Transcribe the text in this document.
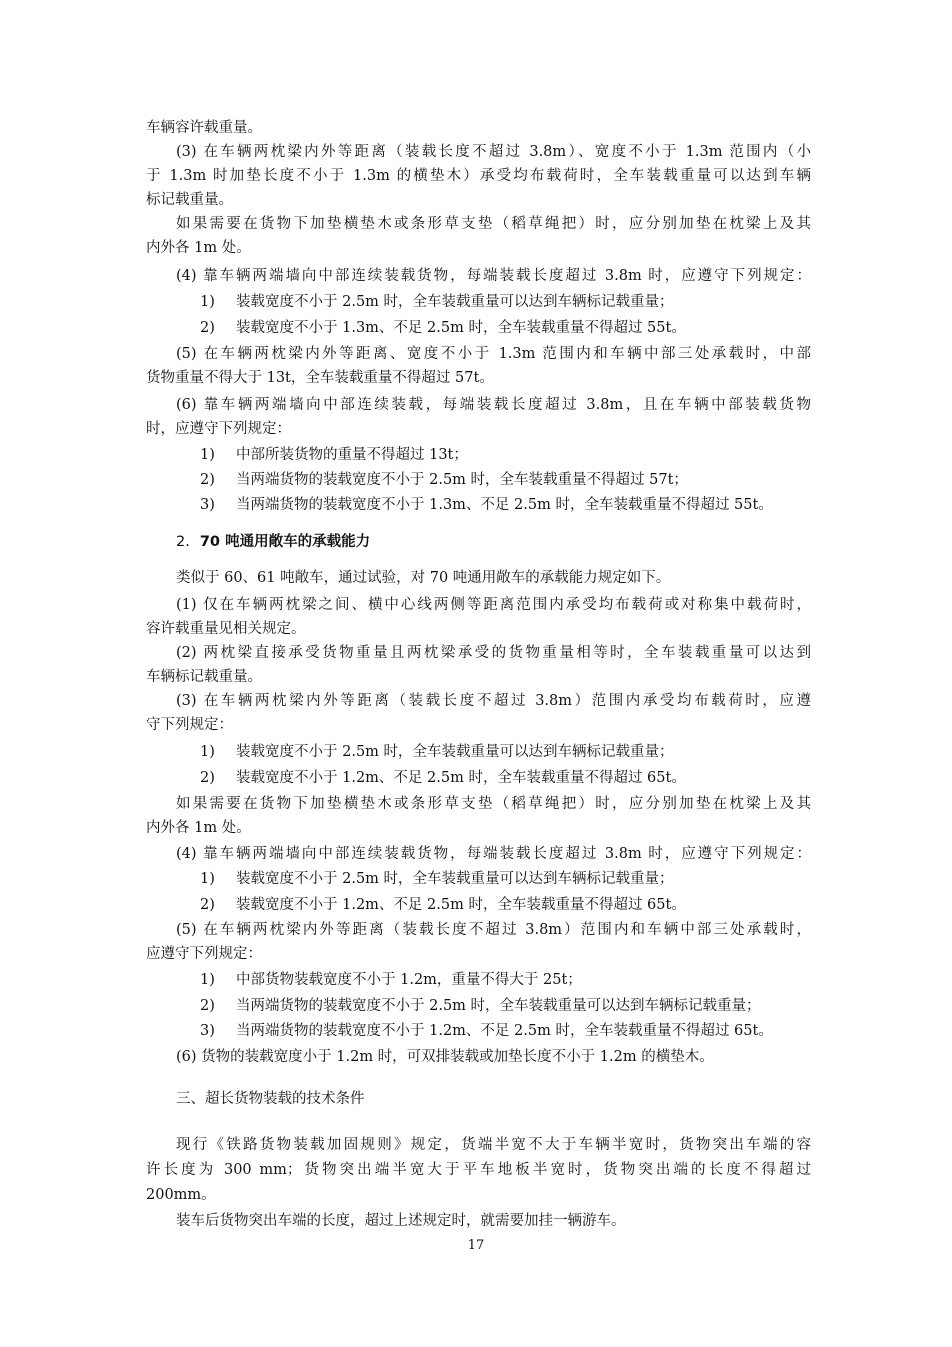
车辆容许载重量。

(3) 在车辆两枕梁内外等距离（装载长度不超过 3.8m）、宽度不小于 1.3m 范围内（小

于 1.3m 时加垫长度不小于 1.3m 的横垫木）承受均布载荷时，全车装载重量可以达到车辆

标记载重量。

如果需要在货物下加垫横垫木或条形草支垫（稻草绳把）时，应分别加垫在枕梁上及其

内外各 1m 处。

(4) 靠车辆两端墙向中部连续装载货物，每端装载长度超过 3.8m 时，应遵守下列规定：

1) 装载宽度不小于 2.5m 时，全车装载重量可以达到车辆标记载重量；

2) 装载宽度不小于 1.3m、不足 2.5m 时，全车装载重量不得超过 55t。

(5) 在车辆两枕梁内外等距离、宽度不小于 1.3m 范围内和车辆中部三处承载时，中部

货物重量不得大于 13t，全车装载重量不得超过 57t。

(6) 靠车辆两端墙向中部连续装载，每端装载长度超过 3.8m，且在车辆中部装载货物

时，应遵守下列规定：

1) 中部所装货物的重量不得超过 13t；

2) 当两端货物的装载宽度不小于 2.5m 时，全车装载重量不得超过 57t；

3) 当两端货物的装载宽度不小于 1.3m、不足 2.5m 时，全车装载重量不得超过 55t。

2. 70 吨通用敞车的承载能力

类似于 60、61 吨敞车，通过试验，对 70 吨通用敞车的承载能力规定如下。

(1) 仅在车辆两枕梁之间、横中心线两侧等距离范围内承受均布载荷或对称集中载荷时，

容许载重量见相关规定。

(2) 两枕梁直接承受货物重量且两枕梁承受的货物重量相等时，全车装载重量可以达到

车辆标记载重量。

(3) 在车辆两枕梁内外等距离（装载长度不超过 3.8m）范围内承受均布载荷时，应遵

守下列规定：

1) 装载宽度不小于 2.5m 时，全车装载重量可以达到车辆标记载重量；

2) 装载宽度不小于 1.2m、不足 2.5m 时，全车装载重量不得超过 65t。

如果需要在货物下加垫横垫木或条形草支垫（稻草绳把）时，应分别加垫在枕梁上及其

内外各 1m 处。

(4) 靠车辆两端墙向中部连续装载货物，每端装载长度超过 3.8m 时，应遵守下列规定：

1) 装载宽度不小于 2.5m 时，全车装载重量可以达到车辆标记载重量；

2) 装载宽度不小于 1.2m、不足 2.5m 时，全车装载重量不得超过 65t。

(5) 在车辆两枕梁内外等距离（装载长度不超过 3.8m）范围内和车辆中部三处承载时，

应遵守下列规定：

1) 中部货物装载宽度不小于 1.2m，重量不得大于 25t；

2) 当两端货物的装载宽度不小于 2.5m 时，全车装载重量可以达到车辆标记载重量；

3) 当两端货物的装载宽度不小于 1.2m、不足 2.5m 时，全车装载重量不得超过 65t。

(6) 货物的装载宽度小于 1.2m 时，可双排装载或加垫长度不小于 1.2m 的横垫木。

三、超长货物装载的技术条件

现行《铁路货物装载加固规则》规定，货端半宽不大于车辆半宽时，货物突出车端的容

许长度为 300 mm；货物突出端半宽大于平车地板半宽时，货物突出端的长度不得超过

200mm。

装车后货物突出车端的长度，超过上述规定时，就需要加挂一辆游车。

17
